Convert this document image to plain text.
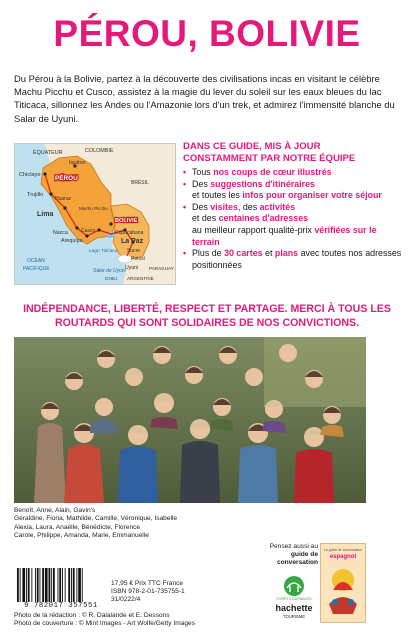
PÉROU, BOLIVIE
Du Pérou à la Bolivie, partez à la découverte des civilisations incas en visitant le célèbre Machu Picchu et Cusco, assistez à la magie du lever du soleil sur les eaux bleues du lac Titicaca, sillonnez les Andes ou l'Amazonie lors d'un trek, et admirez l'immensité blanche du Salar de Uyuni.
ÉQUATEUR	COLOMBIE
Iquitos
Chiclayo PÉROU
Trujillo
Huaraz
BRÉSIL
Lima
Machu Picchu
BOLIVIE
Cusco
Nazca
Arequipa
Copacabana
La Paz
Lago Titicaca Sucre
Potosí
Uyuni
Salar de Uyuni
OCÉAN
PACIFIQUE
CHILI ARGENTINE
PARAGUAY
DANS CE GUIDE, MIS À JOUR
CONSTAMMENT PAR NOTRE ÉQUIPE
• Tous nos coups de cœur illustrés
• Des suggestions d'itinéraires
et toutes les infos pour organiser votre séjour
• Des visites, des activités
et des centaines d'adresses
au meilleur rapport qualité-prix vérifiées sur le terrain
• Plus de 30 cartes et plans avec toutes nos adresses positionnées
INDÉPENDANCE, LIBERTÉ, RESPECT ET PARTAGE. MERCI À TOUS LES ROUTARDS QUI SONT SOLIDAIRES DE NOS CONVICTIONS.
Benoît, Anne, Alain, Gavin's
Géraldine, Fiona, Mathilde, Camille, Véronique, Isabelle
Alexia, Laura, Anaëlle, Bénédicte, Florence
Carole, Philippe, Amanda, Marie, Emmanuelle
9 782017 357551
17,95 € Prix TTC France
ISBN 978-2-01-735755-1
31/0222/4
Photo de la rédaction : © R. Dalalande et E. Dessons
Photo de couverture : © Mint Images - Art Wolfe/Getty Images
Pensez aussi au
guide de conversation
FORÊTS DURABLES
hachette
TOURISME
Le guide de conversation
espagnol
